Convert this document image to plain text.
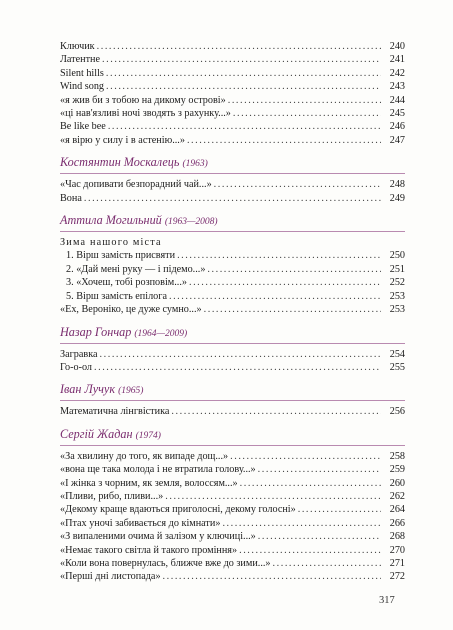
Ключик . . .	240
Латентне . . .	241
Silent hills . . .	242
Wind song . . .	243
«я жив би з тобою на дикому острові» . . .	244
«ці нав'язливі ночі зводять з рахунку...» . . .	245
Be like bee . . .	246
«я вірю у силу і в астенію...» . . .	247
Костянтин Москалець (1963)
«Час допивати безпорадний чай...» . . .	248
Вона . . .	249
Аттила Могильний (1963—2008)
Зима нашого міста
1. Вірш замість присвяти . . .	250
2. «Дай мені руку — і підемо...» . . .	251
3. «Хочеш, тобі розповім...» . . .	252
5. Вірш замість епілога . . .	253
«Ех, Вероніко, це дуже сумно...» . . .	253
Назар Гончар (1964—2009)
Загравка . . .	254
Го-о-ол . . .	255
Іван Лучук (1965)
Математична лінгвістика . . .	256
Сергій Жадан (1974)
«За хвилину до того, як випаде дощ...» . . .	258
«вона ще така молода і не втратила голову...» . . .	259
«І жінка з чорним, як земля, волоссям...» . . .	260
«Пливи, рибо, пливи...» . . .	262
«Декому краще вдаються приголосні, декому голосні» . . .	264
«Птах уночі забивається до кімнати» . . .	266
«З випаленими очима й залізом у ключиці...» . . .	268
«Немає такого світла й такого проміння» . . .	270
«Коли вона повернулась, ближче вже до зими...» . . .	271
«Перші дні листопада» . . .	272
317
